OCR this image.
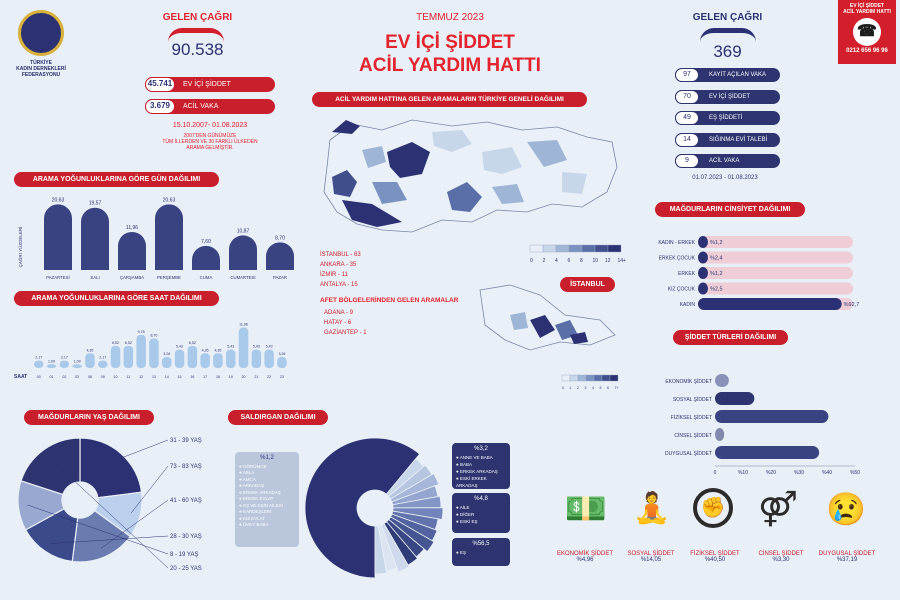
TÜRKİYE
KADIN DERNEKLERİ
FEDERASYONU
TEMMUZ 2023
EV İÇİ ŞİDDET
ACİL YARDIM HATTI
EV İÇİ ŞİDDET
ACİL YARDIM HATTI
☎
0212 656 96 96
GELEN ÇAĞRI
90.538
45.741	EV İÇİ ŞİDDET
3.679	ACİL VAKA
15.10.2007- 01.08.2023
2007'DEN GÜNÜMÜZE
TÜM İLLERDEN VE 30 FARKLI ÜLKEDEN
ARAMA GELMİŞTİR.
GELEN ÇAĞRI
369
97	KAYIT AÇILAN VAKA
70	EV İÇİ ŞİDDET
49	EŞ ŞİDDETİ
14	SIĞINMA EVİ TALEBİ
9	ACİL VAKA
01.07.2023 - 01.08.2023
ACİL YARDIM HATTINA GELEN ARAMALARIN TÜRKİYE GENELİ DAĞILIMI
0 2 4 6 8 10 12 14+
İSTANBUL - 63
ANKARA - 35
İZMİR - 11
ANTALYA - 15
AFET BÖLGELERİNDEN GELEN ARAMALAR
ADANA - 9
HATAY - 6
GAZİANTEP - 1
İSTANBUL
0 1 2 3 4 5 6 7+
ARAMA YOĞUNLUKLARINA GÖRE GÜN DAĞILIMI
ÇAĞRI YÜZDELERİ
20,63
PAZARTESİ
19,57
SALI
11,96
ÇARŞAMBA
20,63
PERŞEMBE
7,60
CUMA
10,87
CUMARTESİ
8,70
PAZAR
ARAMA YOĞUNLUKLARINA GÖRE SAAT DAĞILIMI
SAAT
2,17
00
1,09
01
2,17
02
1,09
03
4,35
08
2,17
09
6,52
10
6,52
11
9,78
12
8,70
13
3,26
14
5,43
15
6,52
16
4,35
17
4,35
18
5,43
19
11,96
20
5,43
21
5,43
22
3,26
23
MAĞDURLARIN CİNSİYET DAĞILIMI
KADIN - ERKEK	%1,2
ERKEK ÇOCUK	%2,4
ERKEK	%1,2
KIZ ÇOCUK	%2,5
KADIN	%92,7
ŞİDDET TÜRLERİ DAĞILIMI
EKONOMİK ŞİDDET
SOSYAL ŞİDDET
FİZİKSEL ŞİDDET
CİNSEL ŞİDDET
DUYGUSAL ŞİDDET
0	%10	%20	%30	%40	%50
MAĞDURLARIN YAŞ DAĞILIMI
31 - 39 YAŞ
73 - 83 YAŞ
41 - 60 YAŞ
28 - 30 YAŞ
8 - 19 YAŞ
20 - 25 YAŞ
SALDIRGAN DAĞILIMI
%1,2
● GÖRÜMCE
● ABLA
● AMCA
● ARKADAŞ
● ERKEK ARKADAŞ
● ERKEK EVLAT
● EŞ VE EŞİN AİLESİ
● KARDEŞLERİ
● KIZ EVLAT
● ÜVEY BABA
%3,2
● ANNE VE BABA
● BABA
● ERKEK ARKADAŞ
● ESKİ ERKEK ARKADAŞ
%4,8
● AİLE
● DİĞER
● ESKİ EŞ
%56,5
● EŞ
💵 🧘	✊ ⚤ 😢
EKONOMİK ŞİDDET
%4,96
SOSYAL ŞİDDET
%14,05
FİZİKSEL ŞİDDET
%40,50
CİNSEL ŞİDDET
%3,30
DUYGUSAL ŞİDDET
%37,19
